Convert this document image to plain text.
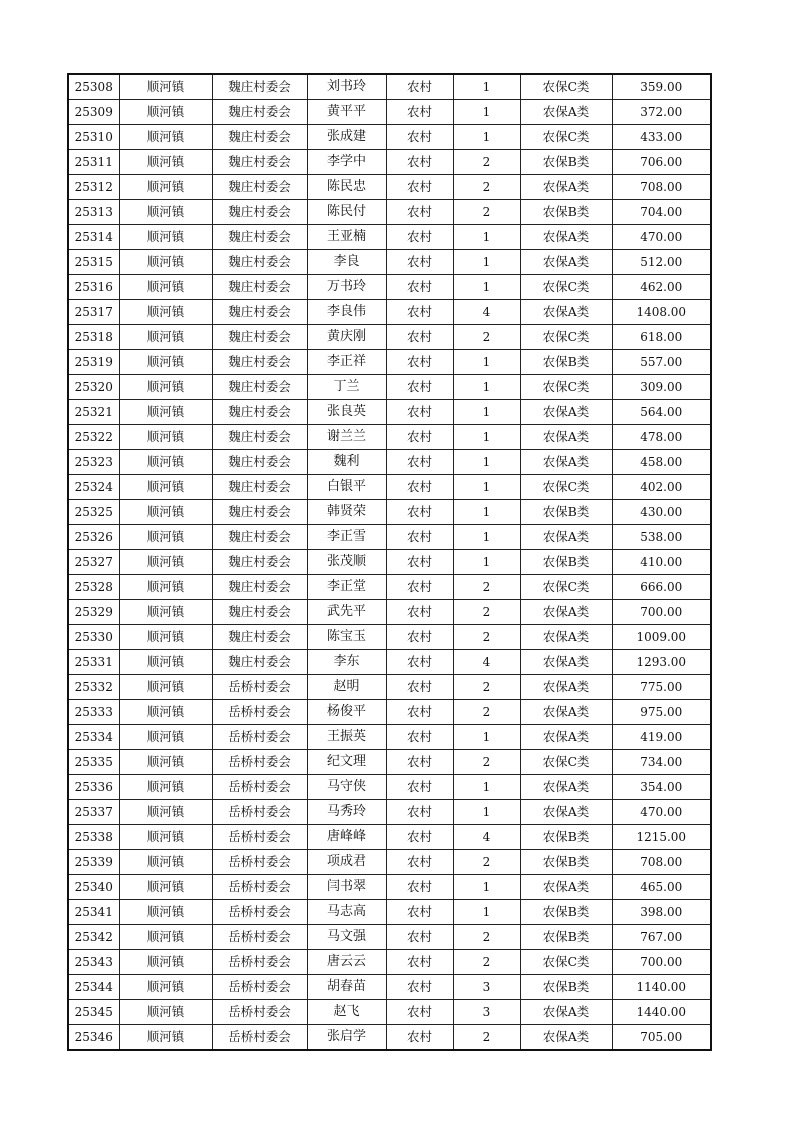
25308	顺河镇	魏庄村委会	刘书玲	农村	1	农保C类	359.00
25309	顺河镇	魏庄村委会	黄平平	农村	1	农保A类	372.00
25310	顺河镇	魏庄村委会	张成建	农村	1	农保C类	433.00
25311	顺河镇	魏庄村委会	李学中	农村	2	农保B类	706.00
25312	顺河镇	魏庄村委会	陈民忠	农村	2	农保A类	708.00
25313	顺河镇	魏庄村委会	陈民付	农村	2	农保B类	704.00
25314	顺河镇	魏庄村委会	王亚楠	农村	1	农保A类	470.00
25315	顺河镇	魏庄村委会	李良	农村	1	农保A类	512.00
25316	顺河镇	魏庄村委会	万书玲	农村	1	农保C类	462.00
25317	顺河镇	魏庄村委会	李良伟	农村	4	农保A类	1408.00
25318	顺河镇	魏庄村委会	黄庆刚	农村	2	农保C类	618.00
25319	顺河镇	魏庄村委会	李正祥	农村	1	农保B类	557.00
25320	顺河镇	魏庄村委会	丁兰	农村	1	农保C类	309.00
25321	顺河镇	魏庄村委会	张良英	农村	1	农保A类	564.00
25322	顺河镇	魏庄村委会	谢兰兰	农村	1	农保A类	478.00
25323	顺河镇	魏庄村委会	魏利	农村	1	农保A类	458.00
25324	顺河镇	魏庄村委会	白银平	农村	1	农保C类	402.00
25325	顺河镇	魏庄村委会	韩贤荣	农村	1	农保B类	430.00
25326	顺河镇	魏庄村委会	李正雪	农村	1	农保A类	538.00
25327	顺河镇	魏庄村委会	张茂顺	农村	1	农保B类	410.00
25328	顺河镇	魏庄村委会	李正堂	农村	2	农保C类	666.00
25329	顺河镇	魏庄村委会	武先平	农村	2	农保A类	700.00
25330	顺河镇	魏庄村委会	陈宝玉	农村	2	农保A类	1009.00
25331	顺河镇	魏庄村委会	李东	农村	4	农保A类	1293.00
25332	顺河镇	岳桥村委会	赵明	农村	2	农保A类	775.00
25333	顺河镇	岳桥村委会	杨俊平	农村	2	农保A类	975.00
25334	顺河镇	岳桥村委会	王振英	农村	1	农保A类	419.00
25335	顺河镇	岳桥村委会	纪文理	农村	2	农保C类	734.00
25336	顺河镇	岳桥村委会	马守侠	农村	1	农保A类	354.00
25337	顺河镇	岳桥村委会	马秀玲	农村	1	农保A类	470.00
25338	顺河镇	岳桥村委会	唐峰峰	农村	4	农保B类	1215.00
25339	顺河镇	岳桥村委会	项成君	农村	2	农保B类	708.00
25340	顺河镇	岳桥村委会	闫书翠	农村	1	农保A类	465.00
25341	顺河镇	岳桥村委会	马志高	农村	1	农保B类	398.00
25342	顺河镇	岳桥村委会	马文强	农村	2	农保B类	767.00
25343	顺河镇	岳桥村委会	唐云云	农村	2	农保C类	700.00
25344	顺河镇	岳桥村委会	胡春苗	农村	3	农保B类	1140.00
25345	顺河镇	岳桥村委会	赵飞	农村	3	农保A类	1440.00
25346	顺河镇	岳桥村委会	张启学	农村	2	农保A类	705.00
